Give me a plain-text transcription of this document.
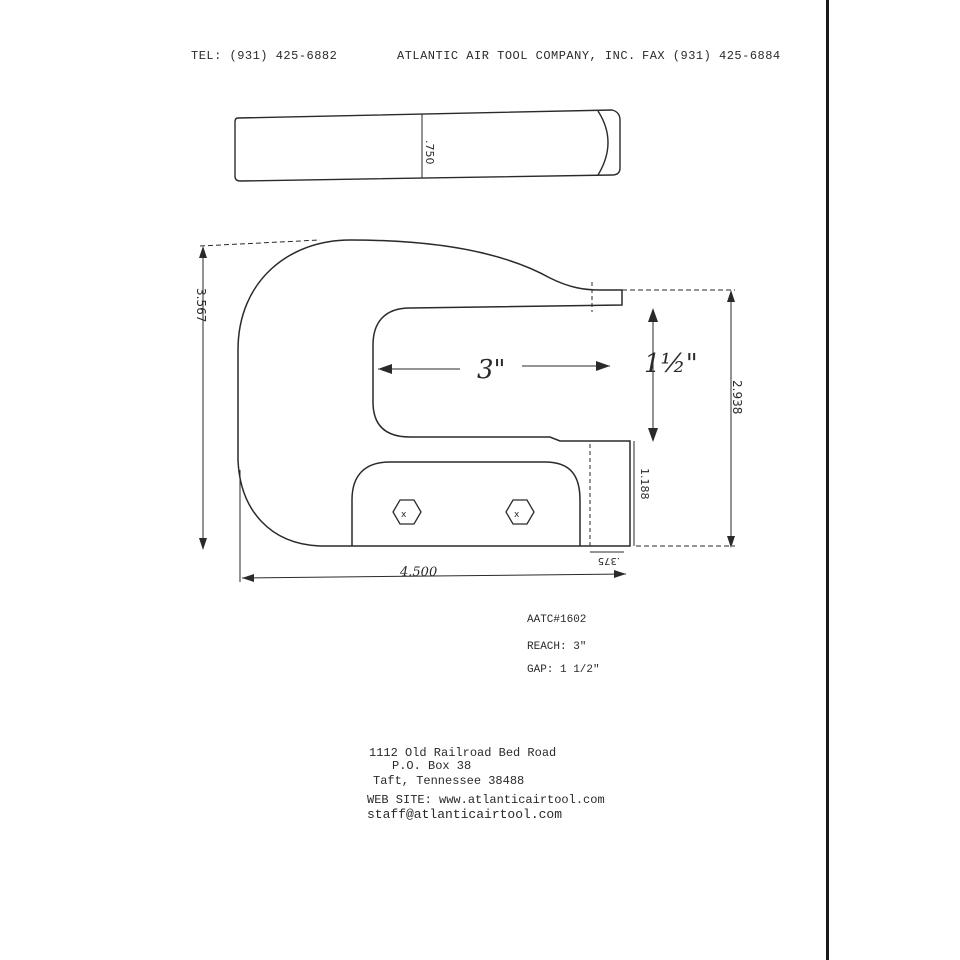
TEL: (931) 425-6882	ATLANTIC AIR TOOL COMPANY, INC. FAX (931) 425-6884
.750
x	x
3"	1½"
3.567
2.938
4.500
1.188
.375
AATC#1602
REACH: 3"
GAP: 1 1/2"
1112 Old Railroad Bed Road
P.O. Box 38
Taft, Tennessee 38488
WEB SITE: www.atlanticairtool.com
staff@atlanticairtool.com
